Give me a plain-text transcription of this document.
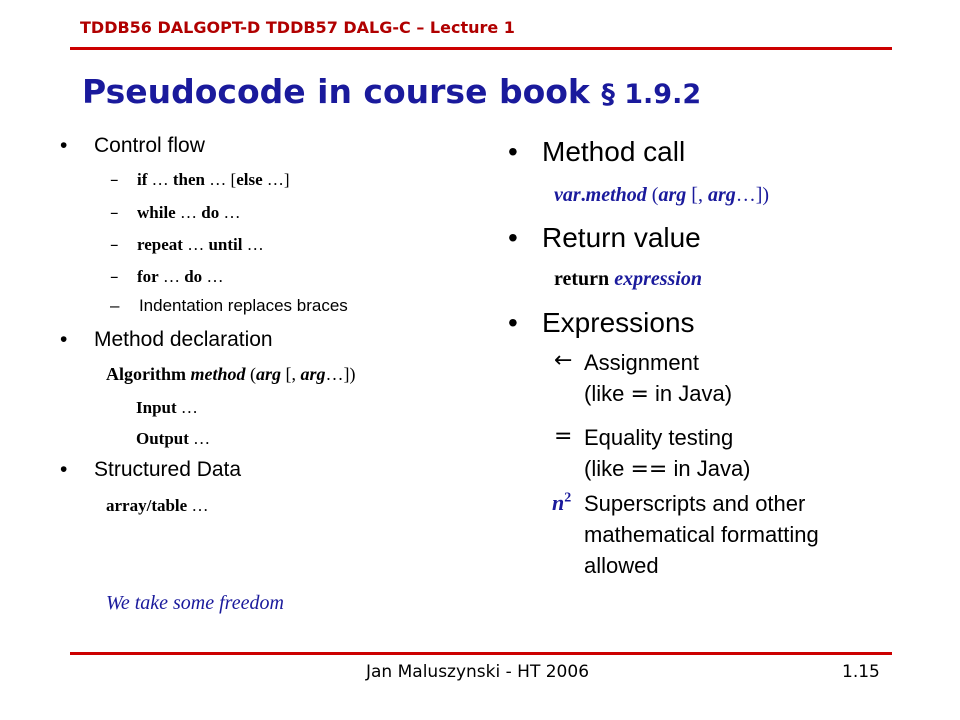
TDDB56 DALGOPT-D TDDB57 DALG-C – Lecture 1
Pseudocode in course book § 1.9.2
• Control flow
– if … then … [else …]
– while … do …
– repeat … until …
– for … do …
– Indentation replaces braces
• Method declaration
Algorithm method (arg [, arg…])
Input …
Output …
• Structured Data
array/table …
We take some freedom
• Method call
var.method (arg [, arg…])
• Return value
return expression
• Expressions
← Assignment
(like = in Java)
= Equality testing
(like == in Java)
$n^2$ Superscripts and other
mathematical formatting
allowed
Jan Maluszynski - HT 2006	1.15
